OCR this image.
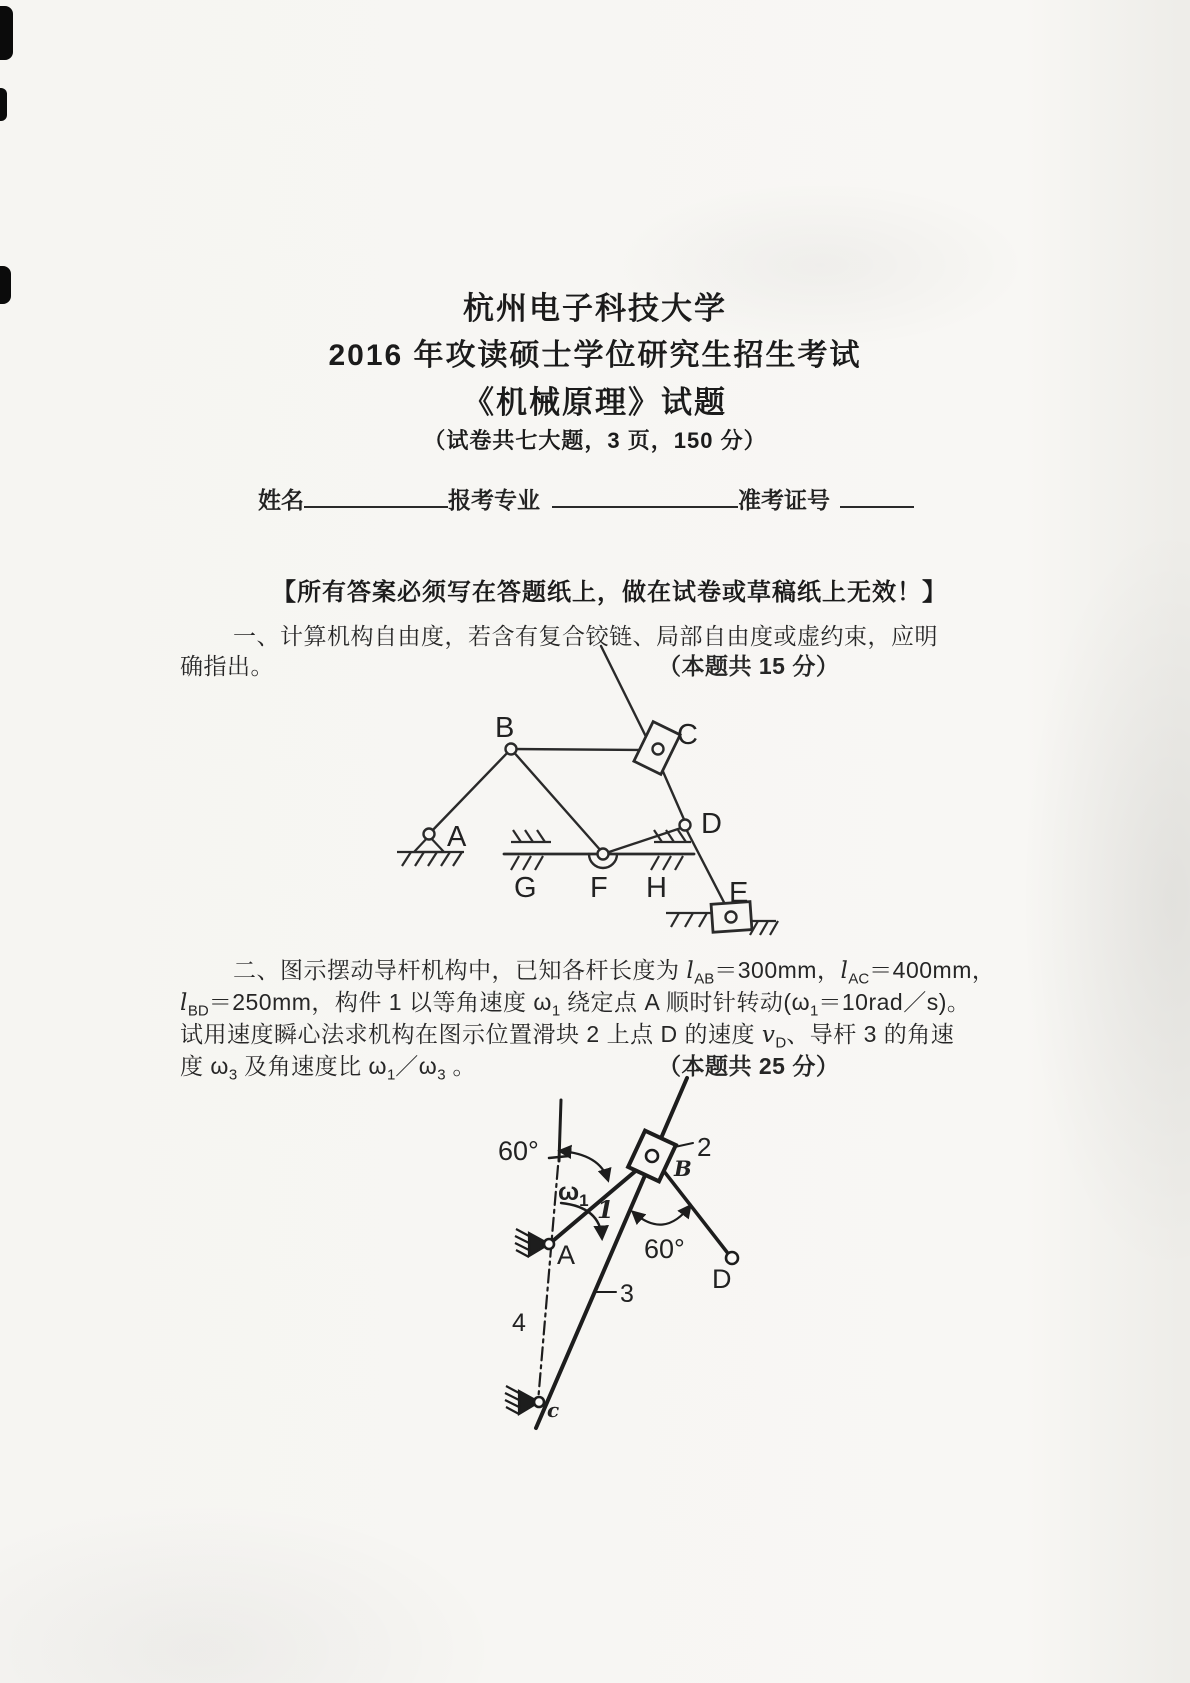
杭州电子科技大学
2016 年攻读硕士学位研究生招生考试
《机械原理》试题
（试卷共七大题，3 页，150 分）
姓名	报考专业	准考证号
【所有答案必须写在答题纸上，做在试卷或草稿纸上无效！】
一、计算机构自由度，若含有复合铰链、局部自由度或虚约束，应明
确指出。	（本题共 15 分）
A
B	C
D
E
F
G	H
二、图示摆动导杆机构中，已知各杆长度为 $l_{AB}=300mm$，$l_{AC}=400mm$，
$l_{BD}=250mm$，构件 1 以等角速度 $\omega_1$ 绕定点 A 顺时针转动$(\omega_1=10rad/s)$。
试用速度瞬心法求机构在图示位置滑块 2 上点 D 的速度 $v_D$、导杆 3 的角速
度 $\omega_3$ 及角速度比 $\omega_1/\omega_3$ 。	（本题共 25 分）
60°
$\omega_1$ 1
A
B
2
60°
D
3
4
c
